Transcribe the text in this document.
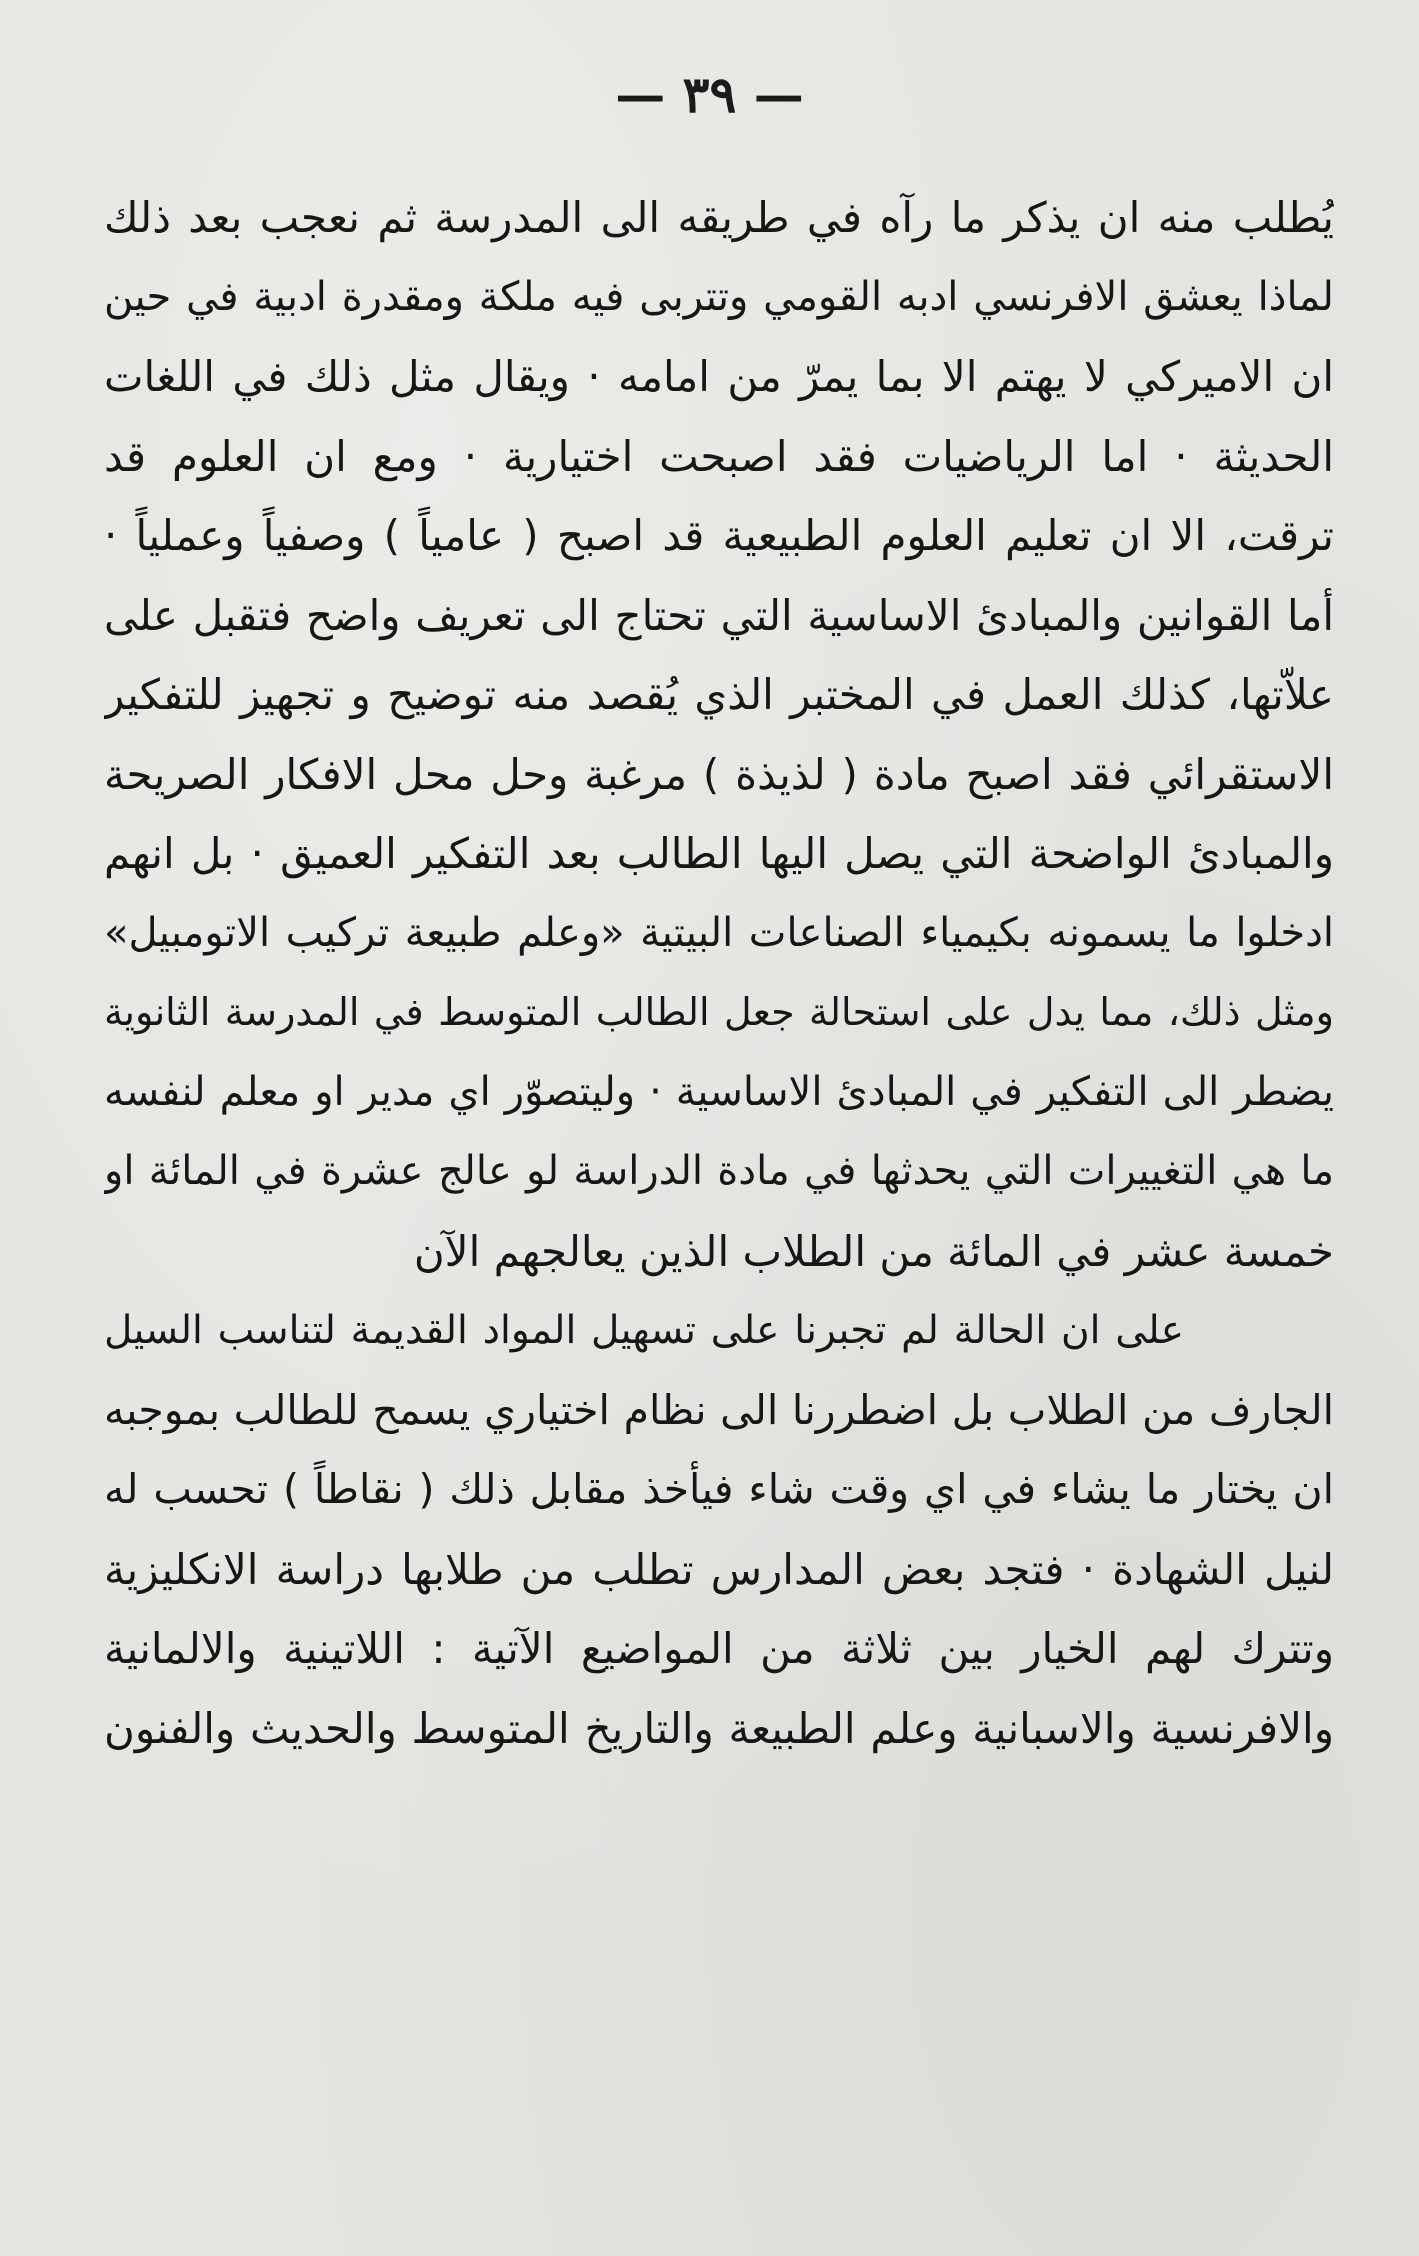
— ٣٩ —
يُطلب منه ان يذكر ما رآه في طريقه الى المدرسة ثم نعجب بعد ذلك
لماذا يعشق الافرنسي ادبه القومي وتتربى فيه ملكة ومقدرة ادبية في حين
ان الاميركي لا يهتم الا بما يمرّ من امامه · ويقال مثل ذلك في اللغات
الحديثة · اما الرياضيات فقد اصبحت اختيارية · ومع ان العلوم قد
ترقت، الا ان تعليم العلوم الطبيعية قد اصبح ( عامياً ) وصفياً وعملياً ·
أما القوانين والمبادئ الاساسية التي تحتاج الى تعريف واضح فتقبل على
علاّتها، كذلك العمل في المختبر الذي يُقصد منه توضيح و تجهيز للتفكير
الاستقرائي فقد اصبح مادة ( لذيذة ) مرغبة وحل محل الافكار الصريحة
والمبادئ الواضحة التي يصل اليها الطالب بعد التفكير العميق · بل انهم
ادخلوا ما يسمونه بكيمياء الصناعات البيتية «وعلم طبيعة تركيب الاتومبيل»
ومثل ذلك، مما يدل على استحالة جعل الطالب المتوسط في المدرسة الثانوية
يضطر الى التفكير في المبادئ الاساسية · وليتصوّر اي مدير او معلم لنفسه
ما هي التغييرات التي يحدثها في مادة الدراسة لو عالج عشرة في المائة او
خمسة عشر في المائة من الطلاب الذين يعالجهم الآن
على ان الحالة لم تجبرنا على تسهيل المواد القديمة لتناسب السيل
الجارف من الطلاب بل اضطررنا الى نظام اختياري يسمح للطالب بموجبه
ان يختار ما يشاء في اي وقت شاء فيأخذ مقابل ذلك ( نقاطاً ) تحسب له
لنيل الشهادة · فتجد بعض المدارس تطلب من طلابها دراسة الانكليزية
وتترك لهم الخيار بين ثلاثة من المواضيع الآتية : اللاتينية والالمانية
والافرنسية والاسبانية وعلم الطبيعة والتاريخ المتوسط والحديث والفنون
